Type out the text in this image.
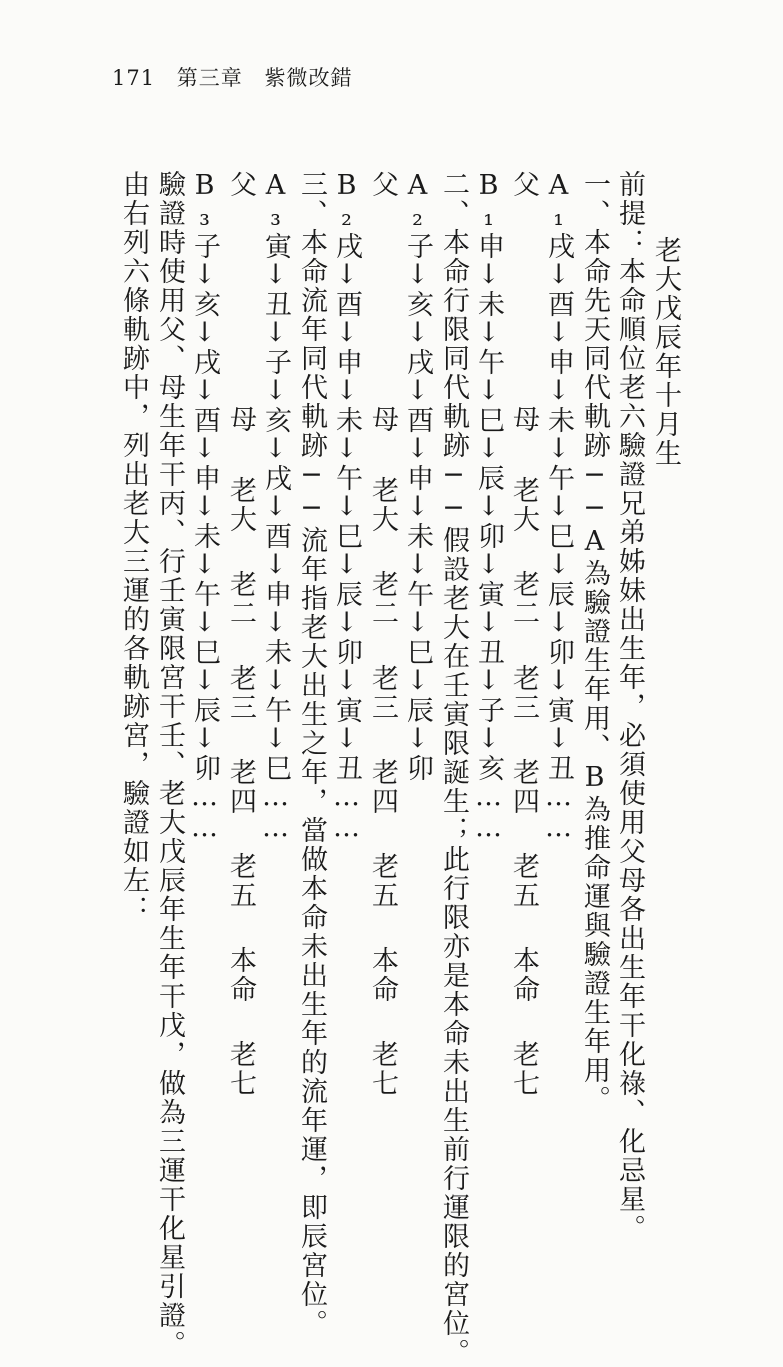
171 第三章 紫微改錯
老大戊辰年十月生
前提：本命順位老六驗證兄弟姊妹出生年，必須使用父母各出生年干化祿、化忌星。
一、本命先天同代軌跡──A為驗證生年用、B為推命運與驗證生年用。
A₁戌↓酉↓申↓未↓午↓巳↓辰↓卯↓寅↓丑……
父母老大老二老三老四老五本命老七
B₁申↓未↓午↓巳↓辰↓卯↓寅↓丑↓子↓亥……
二、本命行限同代軌跡──假設老大在壬寅限誕生；此行限亦是本命未出生前行運限的宮位。
A₂子↓亥↓戌↓酉↓申↓未↓午↓巳↓辰↓卯
父母老大老二老三老四老五本命老七
B₂戌↓酉↓申↓未↓午↓巳↓辰↓卯↓寅↓丑……
三、本命流年同代軌跡──流年指老大出生之年，當做本命未出生年的流年運，即辰宮位。
A₃寅↓丑↓子↓亥↓戌↓酉↓申↓未↓午↓巳……
父母老大老二老三老四老五本命老七
B₃子↓亥↓戌↓酉↓申↓未↓午↓巳↓辰↓卯……
驗證時使用父、母生年干丙、行壬寅限宮干壬、老大戊辰年生年干戊，做為三運干化星引證。
由右列六條軌跡中，列出老大三運的各軌跡宮，驗證如左：
